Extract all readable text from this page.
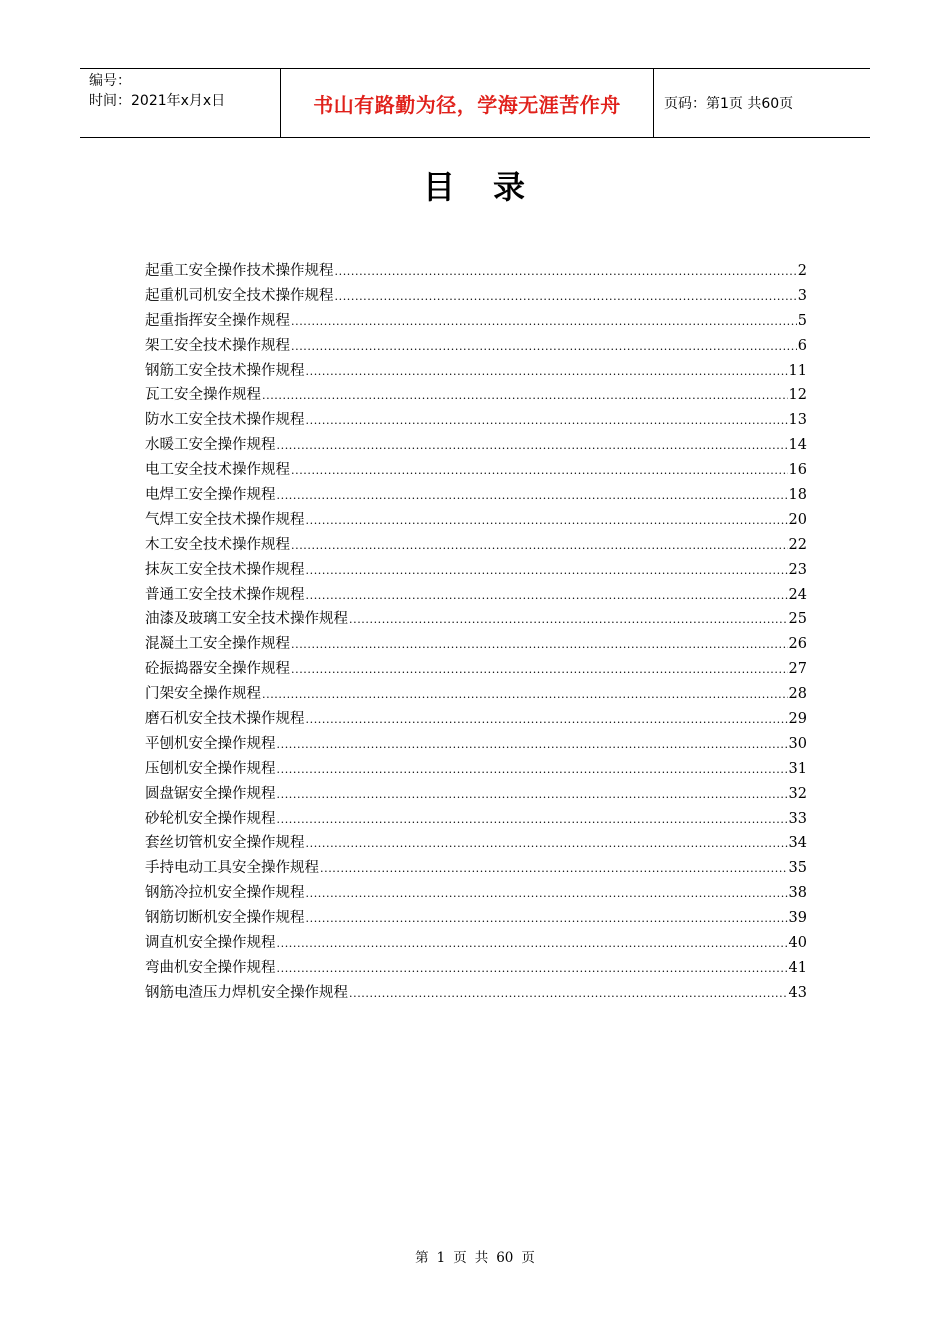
编号：
时间：2021年x月x日	书山有路勤为径，学海无涯苦作舟	页码：第1页 共60页
目 录
起重工安全操作技术操作规程 .....	2
起重机司机安全技术操作规程 .....	3
起重指挥安全操作规程 .....	5
架工安全技术操作规程 .....	6
钢筋工安全技术操作规程 .....	11
瓦工安全操作规程 .....	12
防水工安全技术操作规程 .....	13
水暖工安全操作规程 .....	14
电工安全技术操作规程 .....	16
电焊工安全操作规程 .....	18
气焊工安全技术操作规程 .....	20
木工安全技术操作规程 .....	22
抹灰工安全技术操作规程 .....	23
普通工安全技术操作规程 .....	24
油漆及玻璃工安全技术操作规程 .....	25
混凝土工安全操作规程 .....	26
砼振捣器安全操作规程 .....	27
门架安全操作规程 .....	28
磨石机安全技术操作规程 .....	29
平刨机安全操作规程 .....	30
压刨机安全操作规程 .....	31
圆盘锯安全操作规程 .....	32
砂轮机安全操作规程 .....	33
套丝切管机安全操作规程 .....	34
手持电动工具安全操作规程 .....	35
钢筋冷拉机安全操作规程 .....	38
钢筋切断机安全操作规程 .....	39
调直机安全操作规程 .....	40
弯曲机安全操作规程 .....	41
钢筋电渣压力焊机安全操作规程 .....	43
第 1 页 共 60 页
